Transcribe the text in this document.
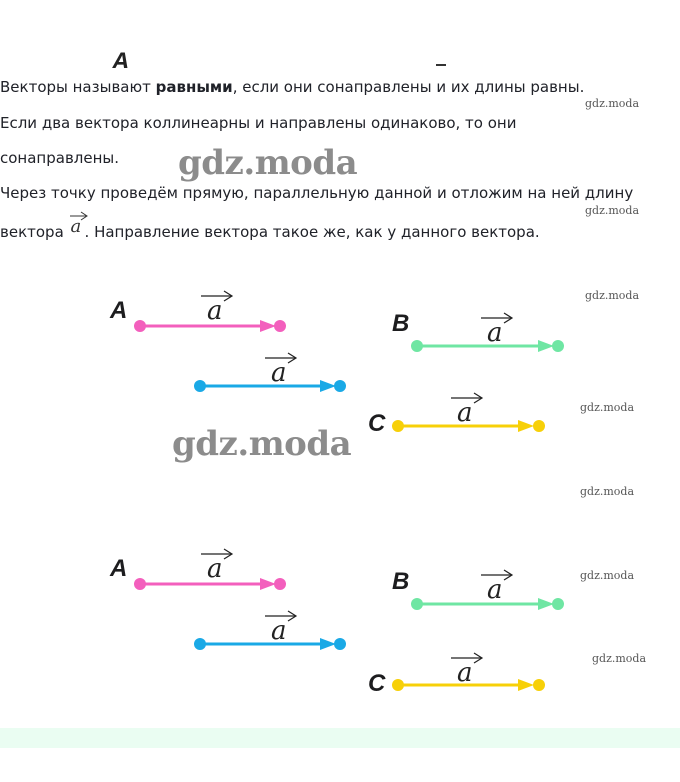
A
Векторы называют равными, если они сонаправлены и их длины равны.
Если два вектора коллинеарны и направлены одинаково, то они
сонаправлены.
Через точку проведём прямую, параллельную данной и отложим на ней длину
вектора a . Направление вектора такое же, как у данного вектора.
gdz.moda
gdz.moda
gdz.moda
gdz.moda
gdz.moda
gdz.moda
gdz.moda
gdz.moda
gdz.moda
A	B
C
a
a
a
a
A	B
C
a
a
a
a
